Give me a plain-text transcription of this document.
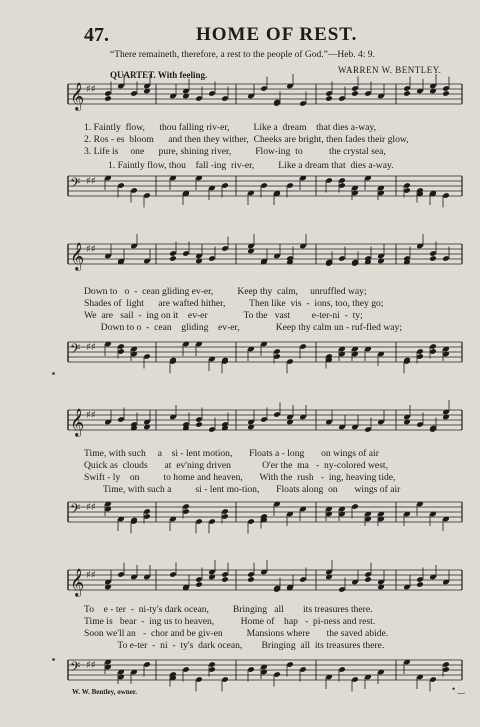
47.	HOME OF REST.
“There remaineth, therefore, a rest to the people of God.”—Heb. 4: 9.
WARREN W. BENTLEY.
QUARTET. With feeling.
𝄞 ♯♯
1. Faintly  flow,      thou falling riv-er,          Like a  dream    that dies a-way,
2. Ros - es  bloom      and then they wither,  Cheeks are bright, then fades their glow,
3. Life is     one      pure, shining river,          Flow-ing  to           the crystal sea,
1. Faintly flow, thou    fall -ing  riv-er,          Like a dream that  dies a-way.
𝄢 ♯♯
𝄞 ♯♯
Down to   o  -  cean gliding ev-er,          Keep thy  calm,     unruffled way;
Shades of  light      are wafted hither,          Then like  vis  -  ions, too, they go;
We  are   sail  -  ing on it    ev-er               To the   vast         e-ter-ni  -  ty;
Down to o  -  cean    gliding    ev-er,               Keep thy calm un - ruf-fled way;
𝄢 ♯♯
𝄞 ♯♯
Time, with such     a    si - lent motion,       Floats a - long       on wings of air
Quick as  clouds       at  ev'ning driven             O'er the  ma   -  ny-colored west,
Swift - ly    on          to home and heaven,       With the  rush   -  ing, heaving tide,
Time, with such a          si - lent mo-tion,       Floats along  on       wings of air
𝄢 ♯♯
𝄞 ♯♯
To    e - ter  -  ni-ty's dark ocean,          Bringing   all        its treasures there.
Time is   bear  -  ing us to heaven,           Home of    hap   -  pi-ness and rest.
Soon we'll an   -  chor and be giv-en          Mansions where       the saved abide.
To e-ter  -  ni  -  ty's  dark ocean,        Bringing  all  its treasures there.
𝄢 ♯♯
W. W. Bentley, owner.	• ‿
